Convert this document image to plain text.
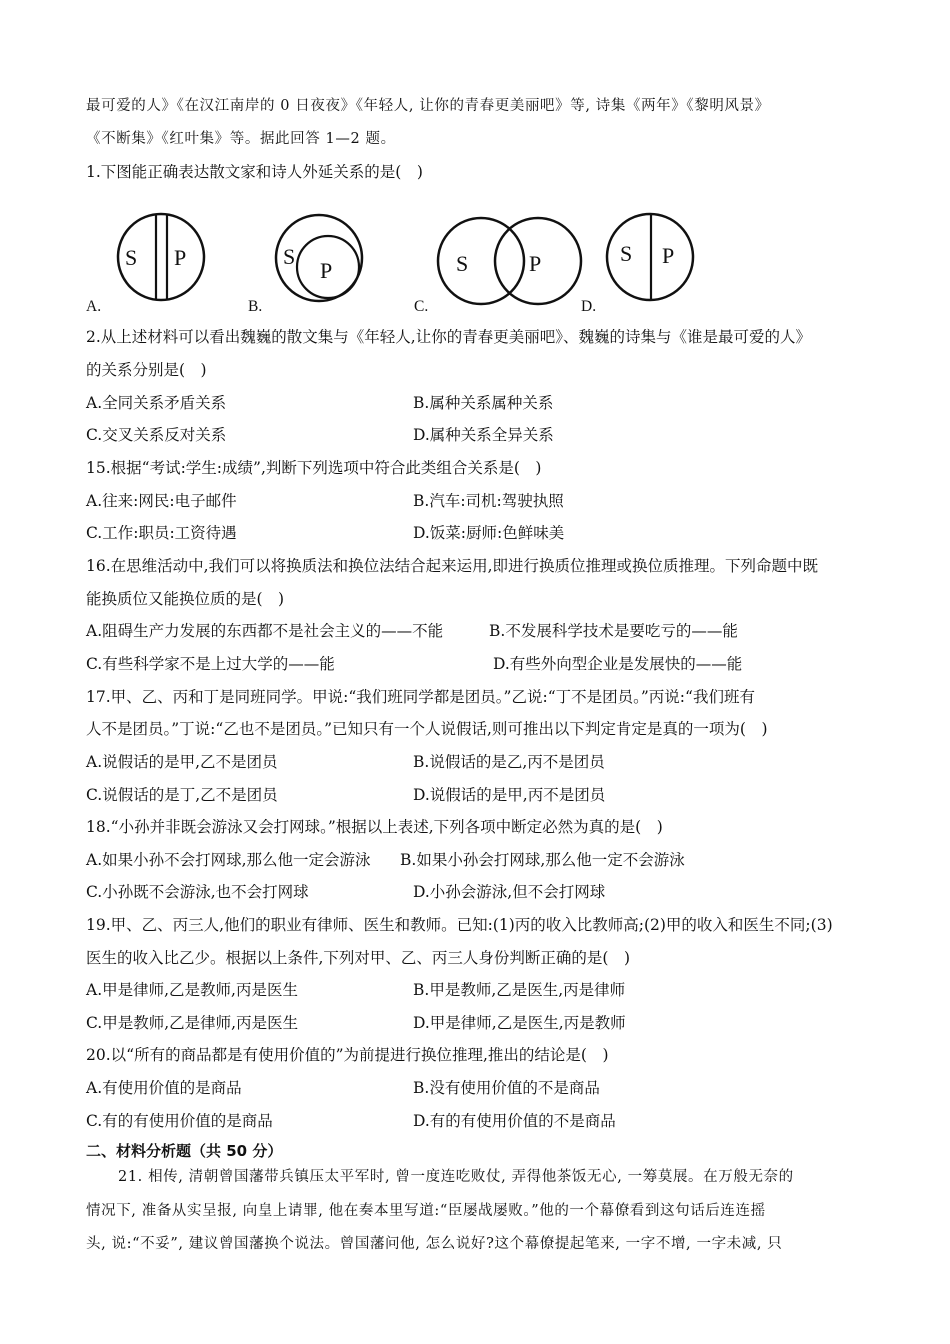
最可爱的人》《在汉江南岸的 0 日夜夜》《年轻人, 让你的青春更美丽吧》等, 诗集《两年》《黎明风景》
《不断集》《红叶集》等。据此回答 1—2 题。
1.下图能正确表达散文家和诗人外延关系的是(　)
S P
A.
S
P
B.
S	P
C.
S P
D.
2.从上述材料可以看出魏巍的散文集与《年轻人,让你的青春更美丽吧》、魏巍的诗集与《谁是最可爱的人》
的关系分别是(　)
A.全同关系矛盾关系	B.属种关系属种关系
C.交叉关系反对关系	D.属种关系全异关系
15.根据“考试:学生:成绩”,判断下列选项中符合此类组合关系是(　)
A.往来:网民:电子邮件	B.汽车:司机:驾驶执照
C.工作:职员:工资待遇	D.饭菜:厨师:色鲜味美
16.在思维活动中,我们可以将换质法和换位法结合起来运用,即进行换质位推理或换位质推理。下列命题中既
能换质位又能换位质的是(　)
A.阻碍生产力发展的东西都不是社会主义的——不能	B.不发展科学技术是要吃亏的——能
C.有些科学家不是上过大学的——能	D.有些外向型企业是发展快的——能
17.甲、乙、丙和丁是同班同学。甲说:“我们班同学都是团员。”乙说:“丁不是团员。”丙说:“我们班有
人不是团员。”丁说:“乙也不是团员。”已知只有一个人说假话,则可推出以下判定肯定是真的一项为(　)
A.说假话的是甲,乙不是团员	B.说假话的是乙,丙不是团员
C.说假话的是丁,乙不是团员	D.说假话的是甲,丙不是团员
18.“小孙并非既会游泳又会打网球。”根据以上表述,下列各项中断定必然为真的是(　)
A.如果小孙不会打网球,那么他一定会游泳 B.如果小孙会打网球,那么他一定不会游泳
C.小孙既不会游泳,也不会打网球	D.小孙会游泳,但不会打网球
19.甲、乙、丙三人,他们的职业有律师、医生和教师。已知:(1)丙的收入比教师高;(2)甲的收入和医生不同;(3)
医生的收入比乙少。根据以上条件,下列对甲、乙、丙三人身份判断正确的是(　)
A.甲是律师,乙是教师,丙是医生	B.甲是教师,乙是医生,丙是律师
C.甲是教师,乙是律师,丙是医生	D.甲是律师,乙是医生,丙是教师
20.以“所有的商品都是有使用价值的”为前提进行换位推理,推出的结论是(　)
A.有使用价值的是商品	B.没有使用价值的不是商品
C.有的有使用价值的是商品	D.有的有使用价值的不是商品
二、材料分析题（共 50 分）
21. 相传, 清朝曾国藩带兵镇压太平军时, 曾一度连吃败仗, 弄得他茶饭无心, 一筹莫展。在万般无奈的
情况下, 准备从实呈报, 向皇上请罪, 他在奏本里写道:“臣屡战屡败。”他的一个幕僚看到这句话后连连摇
头, 说:“不妥”, 建议曾国藩换个说法。曾国藩问他, 怎么说好?这个幕僚提起笔来, 一字不增, 一字未减, 只
